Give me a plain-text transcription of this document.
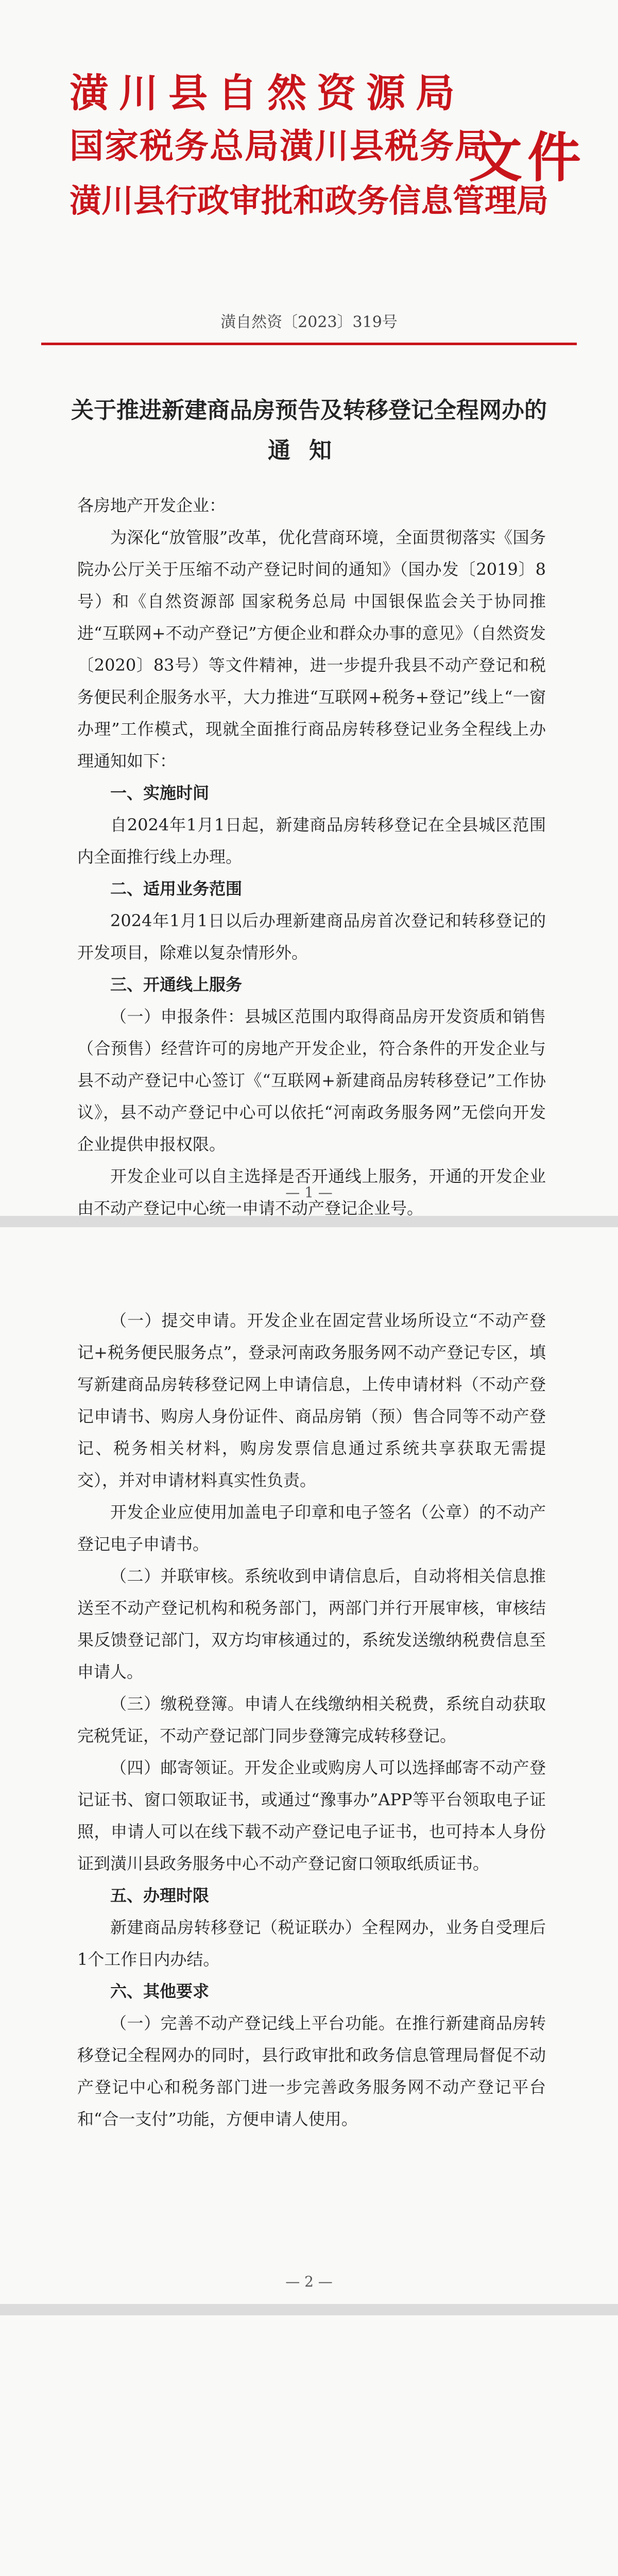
潢川县自然资源局
国家税务总局潢川县税务局
潢川县行政审批和政务信息管理局
文件
潢自然资〔2023〕319号
关于推进新建商品房预告及转移登记全程网办的
通知

各房地产开发企业：

为深化“放管服”改革，优化营商环境，全面贯彻落实《国务院办公厅关于压缩不动产登记时间的通知》（国办发〔2019〕8号）和《自然资源部 国家税务总局 中国银保监会关于协同推进“互联网+不动产登记”方便企业和群众办事的意见》（自然资发〔2020〕83号）等文件精神，进一步提升我县不动产登记和税务便民利企服务水平，大力推进“互联网+税务+登记”线上“一窗办理”工作模式，现就全面推行商品房转移登记业务全程线上办理通知如下：

一、实施时间

自2024年1月1日起，新建商品房转移登记在全县城区范围内全面推行线上办理。

二、适用业务范围

2024年1月1日以后办理新建商品房首次登记和转移登记的开发项目，除难以复杂情形外。

三、开通线上服务

（一）申报条件：县城区范围内取得商品房开发资质和销售（合预售）经营许可的房地产开发企业，符合条件的开发企业与县不动产登记中心签订《“互联网+新建商品房转移登记”工作协议》，县不动产登记中心可以依托“河南政务服务网”无偿向开发企业提供申报权限。

开发企业可以自主选择是否开通线上服务，开通的开发企业由不动产登记中心统一申请不动产登记企业号。

— 1 —

（一）提交申请。开发企业在固定营业场所设立“不动产登记+税务便民服务点”，登录河南政务服务网不动产登记专区，填写新建商品房转移登记网上申请信息，上传申请材料（不动产登记申请书、购房人身份证件、商品房销（预）售合同等不动产登记、税务相关材料，购房发票信息通过系统共享获取无需提交），并对申请材料真实性负责。

开发企业应使用加盖电子印章和电子签名（公章）的不动产登记电子申请书。

（二）并联审核。系统收到申请信息后，自动将相关信息推送至不动产登记机构和税务部门，两部门并行开展审核，审核结果反馈登记部门，双方均审核通过的，系统发送缴纳税费信息至申请人。

（三）缴税登簿。申请人在线缴纳相关税费，系统自动获取完税凭证，不动产登记部门同步登簿完成转移登记。

（四）邮寄领证。开发企业或购房人可以选择邮寄不动产登记证书、窗口领取证书，或通过“豫事办”APP等平台领取电子证照，申请人可以在线下载不动产登记电子证书，也可持本人身份证到潢川县政务服务中心不动产登记窗口领取纸质证书。

五、办理时限

新建商品房转移登记（税证联办）全程网办，业务自受理后1个工作日内办结。

六、其他要求

（一）完善不动产登记线上平台功能。在推行新建商品房转移登记全程网办的同时，县行政审批和政务信息管理局督促不动产登记中心和税务部门进一步完善政务服务网不动产登记平台和“合一支付”功能，方便申请人使用。

— 2 —
